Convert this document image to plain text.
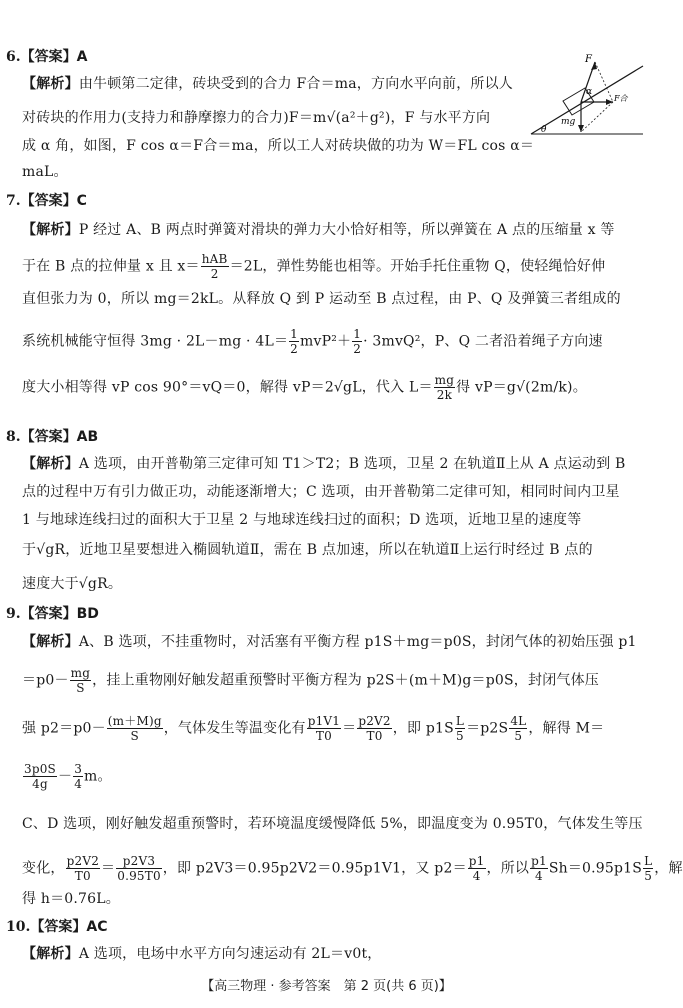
6.【答案】A
【解析】由牛顿第二定律，砖块受到的合力 F合＝ma，方向水平向前，所以人
对砖块的作用力(支持力和静摩擦力的合力)F＝m√(a²＋g²)，F 与水平方向
成 α 角，如图，F cos α＝F合＝ma，所以工人对砖块做的功为 W＝FL cos α＝
maL。
F
α
F合
mg
θ
7.【答案】C
【解析】P 经过 A、B 两点时弹簧对滑块的弹力大小恰好相等，所以弹簧在 A 点的压缩量 x 等
于在 B 点的拉伸量 x 且 $x= \frac{\text{hAB}}{2} =2L$，弹性势能也相等。开始手托住重物 Q，使轻绳恰好伸
直但张力为 0，所以 mg＝2kL。从释放 Q 到 P 运动至 B 点过程，由 P、Q 及弹簧三者组成的
系统机械能守恒得 $3mg \cdot 2L-mg \cdot 4L= \frac{1}{2} mvP^2+ \frac{1}{2} \cdot 3mvQ^2$，P、Q 二者沿着绳子方向速
度大小相等得 vP cos 90°＝vQ＝0，解得 vP＝2√gL，代入 $L= \frac{mg}{2k}$ 得 vP＝g√(2m/k)。
8.【答案】AB
【解析】A 选项，由开普勒第三定律可知 T1＞T2；B 选项，卫星 2 在轨道Ⅱ上从 A 点运动到 B
点的过程中万有引力做正功，动能逐渐增大；C 选项，由开普勒第二定律可知，相同时间内卫星
1 与地球连线扫过的面积大于卫星 2 与地球连线扫过的面积；D 选项，近地卫星的速度等
于√gR，近地卫星要想进入椭圆轨道Ⅱ，需在 B 点加速，所以在轨道Ⅱ上运行时经过 B 点的
速度大于√gR。
9.【答案】BD
【解析】A、B 选项，不挂重物时，对活塞有平衡方程 p1S＋mg＝p0S，封闭气体的初始压强 p1
$=p0- \frac{mg}{S}$ ，挂上重物刚好触发超重预警时平衡方程为 p2S＋(m＋M)g＝p0S，封闭气体压
强 $p2=p0- \frac{(m+M)g}{S}$ ，气体发生等温变化有 $\frac{p1V1}{T0} = \frac{p2V2}{T0}$ ，即 $p1S \frac{L}{5} =p2S \frac{4L}{5}$ ，解得 M＝
$\frac{3p0S}{4g} - \frac{3}{4}$ m。
C、D 选项，刚好触发超重预警时，若环境温度缓慢降低 5%，即温度变为 0.95T0，气体发生等压
变化， $\frac{p2V2}{T0} = \frac{p2V3}{0.95T0}$ ，即 p2V3＝0.95p2V2＝0.95p1V1，又 $p2= \frac{p1}{4}$ ，所以 $\frac{p1}{4} Sh=0.95p1S \frac{L}{5}$ ，解
得 h＝0.76L。
10.【答案】AC
【解析】A 选项，电场中水平方向匀速运动有 2L＝v0t，
【高三物理 · 参考答案　第 2 页(共 6 页)】
